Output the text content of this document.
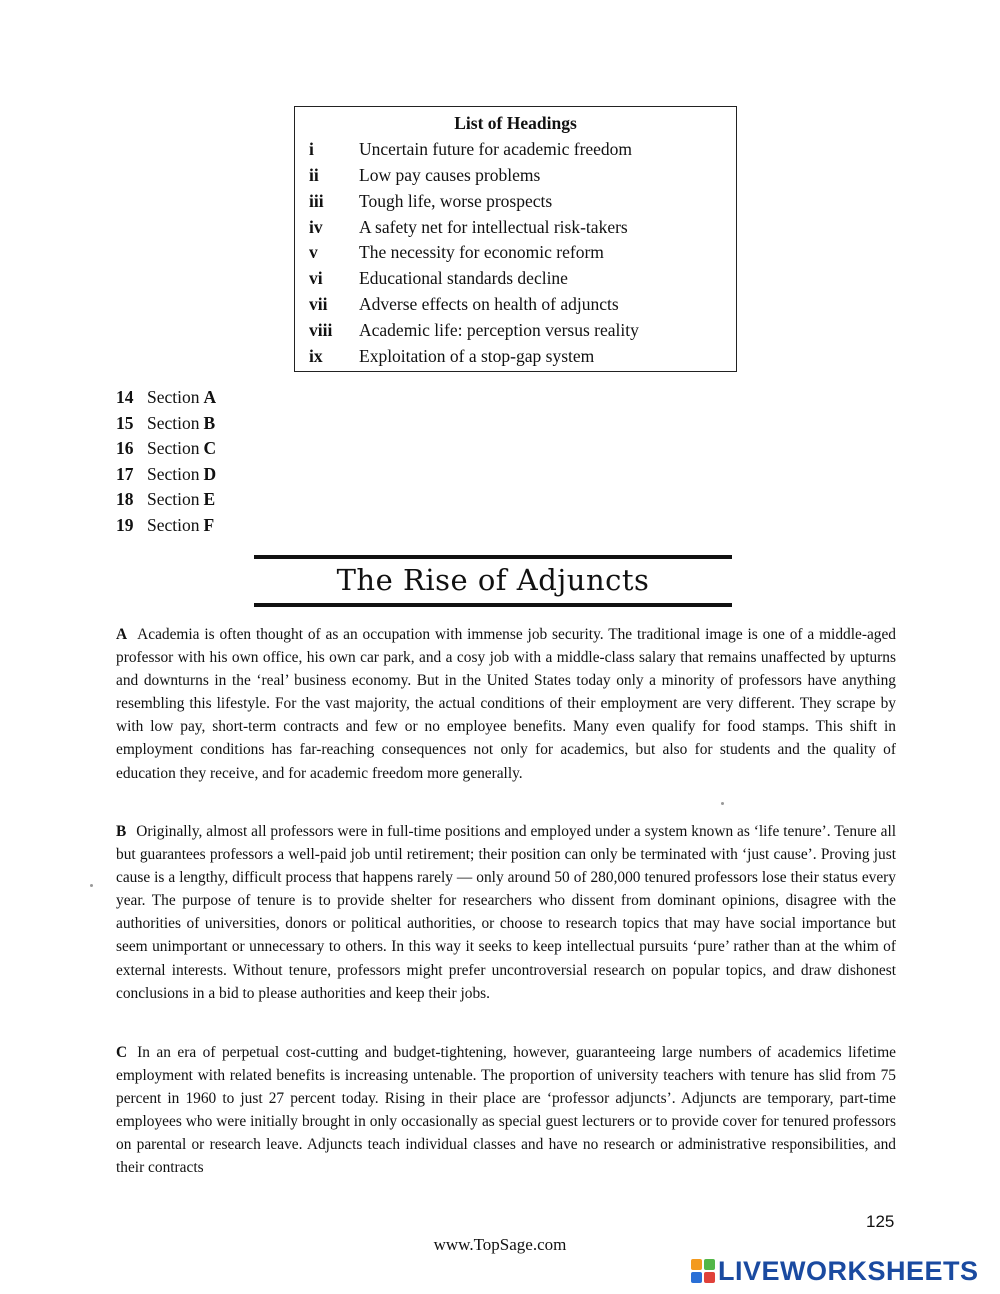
List of Headings
i	Uncertain future for academic freedom
ii	Low pay causes problems
iii	Tough life, worse prospects
iv	A safety net for intellectual risk-takers
v	The necessity for economic reform
vi	Educational standards decline
vii	Adverse effects on health of adjuncts
viii	Academic life: perception versus reality
ix	Exploitation of a stop-gap system
14 Section A
15 Section B
16 Section C
17 Section D
18 Section E
19 Section F
The Rise of Adjuncts

A Academia is often thought of as an occupation with immense job security. The traditional image is one of a middle-aged professor with his own office, his own car park, and a cosy job with a middle-class salary that remains unaffected by upturns and downturns in the ‘real’ business economy. But in the United States today only a minority of professors have anything resembling this lifestyle. For the vast majority, the actual conditions of their employment are very different. They scrape by with low pay, short-term contracts and few or no employee benefits. Many even qualify for food stamps. This shift in employment conditions has far-reaching consequences not only for academics, but also for students and the quality of education they receive, and for academic freedom more generally.

B Originally, almost all professors were in full-time positions and employed under a system known as ‘life tenure’. Tenure all but guarantees professors a well-paid job until retirement; their position can only be terminated with ‘just cause’. Proving just cause is a lengthy, difficult process that happens rarely — only around 50 of 280,000 tenured professors lose their status every year. The purpose of tenure is to provide shelter for researchers who dissent from dominant opinions, disagree with the authorities of universities, donors or political authorities, or choose to research topics that may have social importance but seem unimportant or unnecessary to others. In this way it seeks to keep intellectual pursuits ‘pure’ rather than at the whim of external interests. Without tenure, professors might prefer uncontroversial research on popular topics, and draw dishonest conclusions in a bid to please authorities and keep their jobs.

C In an era of perpetual cost-cutting and budget-tightening, however, guaranteeing large numbers of academics lifetime employment with related benefits is increasing untenable. The proportion of university teachers with tenure has slid from 75 percent in 1960 to just 27 percent today. Rising in their place are ‘professor adjuncts’. Adjuncts are temporary, part-time employees who were initially brought in only occasionally as special guest lecturers or to provide cover for tenured professors on parental or research leave. Adjuncts teach individual classes and have no research or administrative responsibilities, and their contracts

125
www.TopSage.com
LIVEWORKSHEETS
